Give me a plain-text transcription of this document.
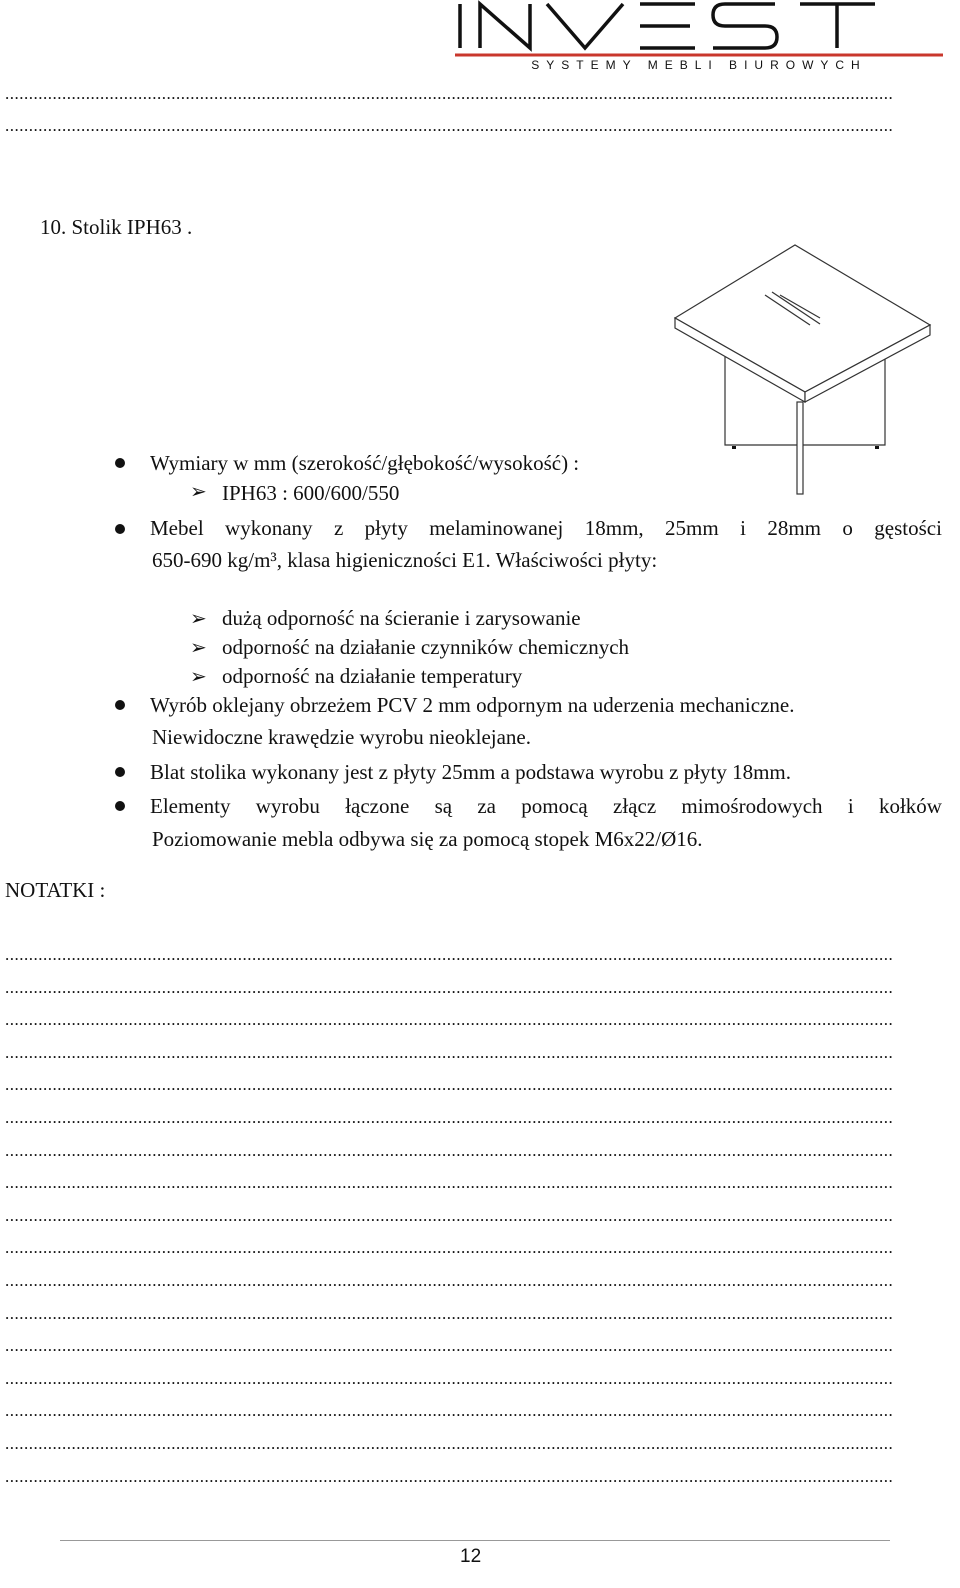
SYSTEMY MEBLI BIUROWYCH
...........................................................................................................................................................................................
...........................................................................................................................................................................................
10. Stolik IPH63 .
Wymiary w mm (szerokość/głębokość/wysokość) :
➢ IPH63 : 600/600/550
Mebel wykonany z płyty melaminowanej 18mm, 25mm i 28mm o gęstości
650-690 kg/m³, klasa higieniczności E1. Właściwości płyty:
➢ dużą odporność na ścieranie i zarysowanie
➢ odporność na działanie czynników chemicznych
➢ odporność na działanie temperatury
Wyrób oklejany obrzeżem PCV 2 mm odpornym na uderzenia mechaniczne.
Niewidoczne krawędzie wyrobu nieoklejane.
Blat stolika wykonany jest z płyty 25mm a podstawa wyrobu z płyty 18mm.
Elementy wyrobu łączone są za pomocą złącz mimośrodowych i kołków
Poziomowanie mebla odbywa się za pomocą stopek M6x22/Ø16.
NOTATKI :
...........................................................................................................................................................................................
...........................................................................................................................................................................................
...........................................................................................................................................................................................
...........................................................................................................................................................................................
...........................................................................................................................................................................................
...........................................................................................................................................................................................
...........................................................................................................................................................................................
...........................................................................................................................................................................................
...........................................................................................................................................................................................
...........................................................................................................................................................................................
...........................................................................................................................................................................................
...........................................................................................................................................................................................
...........................................................................................................................................................................................
...........................................................................................................................................................................................
...........................................................................................................................................................................................
...........................................................................................................................................................................................
...........................................................................................................................................................................................
12
